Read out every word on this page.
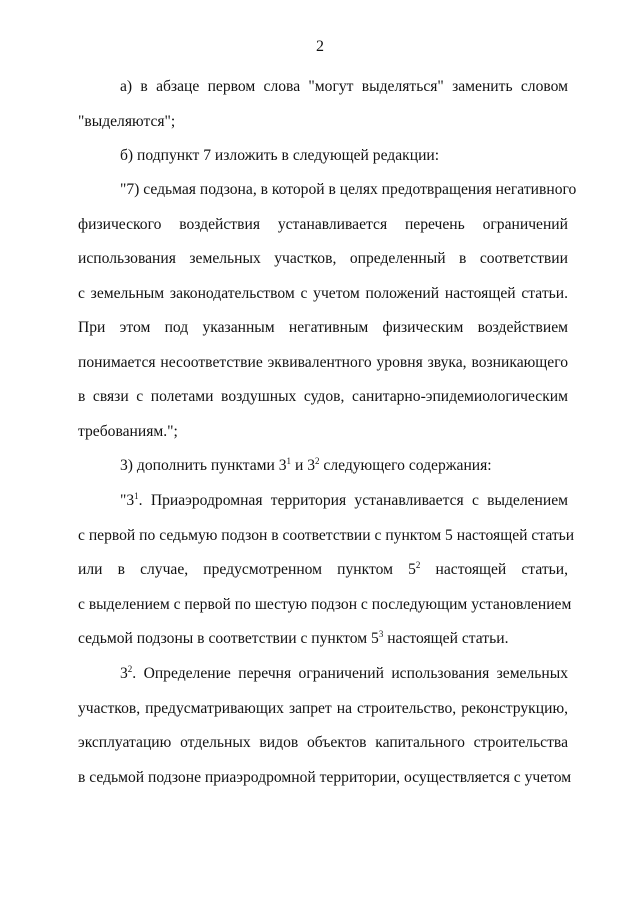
2
а) в абзаце первом слова "могут выделяться" заменить словом
"выделяются";
б) подпункт 7 изложить в следующей редакции:
"7) седьмая подзона, в которой в целях предотвращения негативного
физического воздействия устанавливается перечень ограничений
использования земельных участков, определенный в соответствии
с земельным законодательством с учетом положений настоящей статьи.
При этом под указанным негативным физическим воздействием
понимается несоответствие эквивалентного уровня звука, возникающего
в связи с полетами воздушных судов, санитарно-эпидемиологическим
требованиям.";
3) дополнить пунктами $3^1$ и $3^2$ следующего содержания:
"$3^1$. Приаэродромная территория устанавливается с выделением
с первой по седьмую подзон в соответствии с пунктом 5 настоящей статьи
или в случае, предусмотренном пунктом $5^2$ настоящей статьи,
с выделением с первой по шестую подзон с последующим установлением
седьмой подзоны в соответствии с пунктом $5^3$ настоящей статьи.
$3^2$. Определение перечня ограничений использования земельных
участков, предусматривающих запрет на строительство, реконструкцию,
эксплуатацию отдельных видов объектов капитального строительства
в седьмой подзоне приаэродромной территории, осуществляется с учетом
